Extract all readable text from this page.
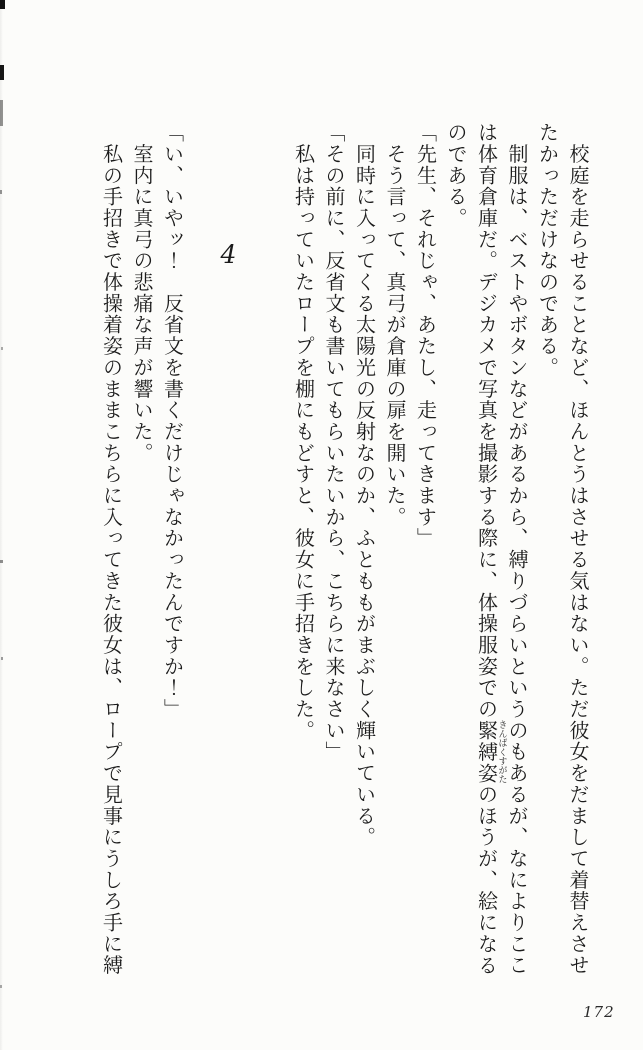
　校庭を走らせることなど、ほんとうはさせる気はない。ただ彼女をだまして着替えさせたかっただけなのである。

　制服は、ベストやボタンなどがあるから、縛りづらいというのもあるが、なによりここは体育倉庫だ。デジカメで写真を撮影する際に、体操服姿での緊縛姿きんばくすがたのほうが、絵になるのである。

「先生、それじゃ、あたし、走ってきます」

　そう言って、真弓が倉庫の扉を開いた。

　同時に入ってくる太陽光の反射なのか、ふとももがまぶしく輝いている。

「その前に、反省文も書いてもらいたいから、こちらに来なさい」

　私は持っていたロープを棚にもどすと、彼女に手招きをした。

4

「い、いやッ！　反省文を書くだけじゃなかったんですか！」

　室内に真弓の悲痛な声が響いた。

　私の手招きで体操着姿のままこちらに入ってきた彼女は、ロープで見事にうしろ手に縛

172
